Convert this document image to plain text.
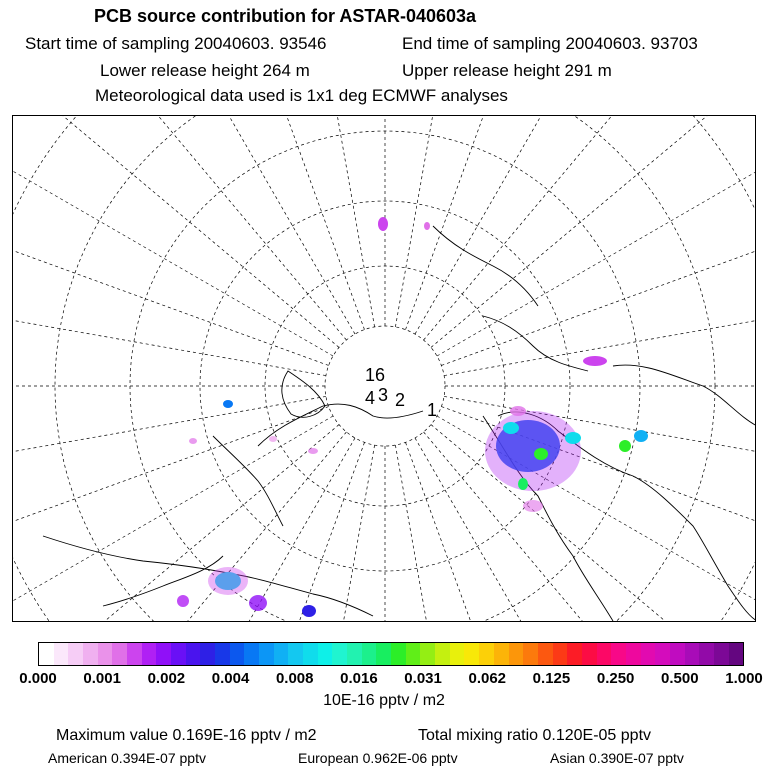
PCB source contribution for ASTAR-040603a
Start time of sampling 20040603. 93546	End time of sampling 20040603. 93703
Lower release height 264 m	Upper release height 291 m
Meteorological data used is 1x1 deg ECMWF analyses
16
4 3 2 1
0.000 0.001 0.002 0.004 0.008 0.016 0.031 0.062 0.125 0.250 0.500 1.000
10E-16 pptv / m2
Maximum value 0.169E-16 pptv / m2	Total mixing ratio 0.120E-05 pptv
American 0.394E-07 pptv	European 0.962E-06 pptv	Asian 0.390E-07 pptv
